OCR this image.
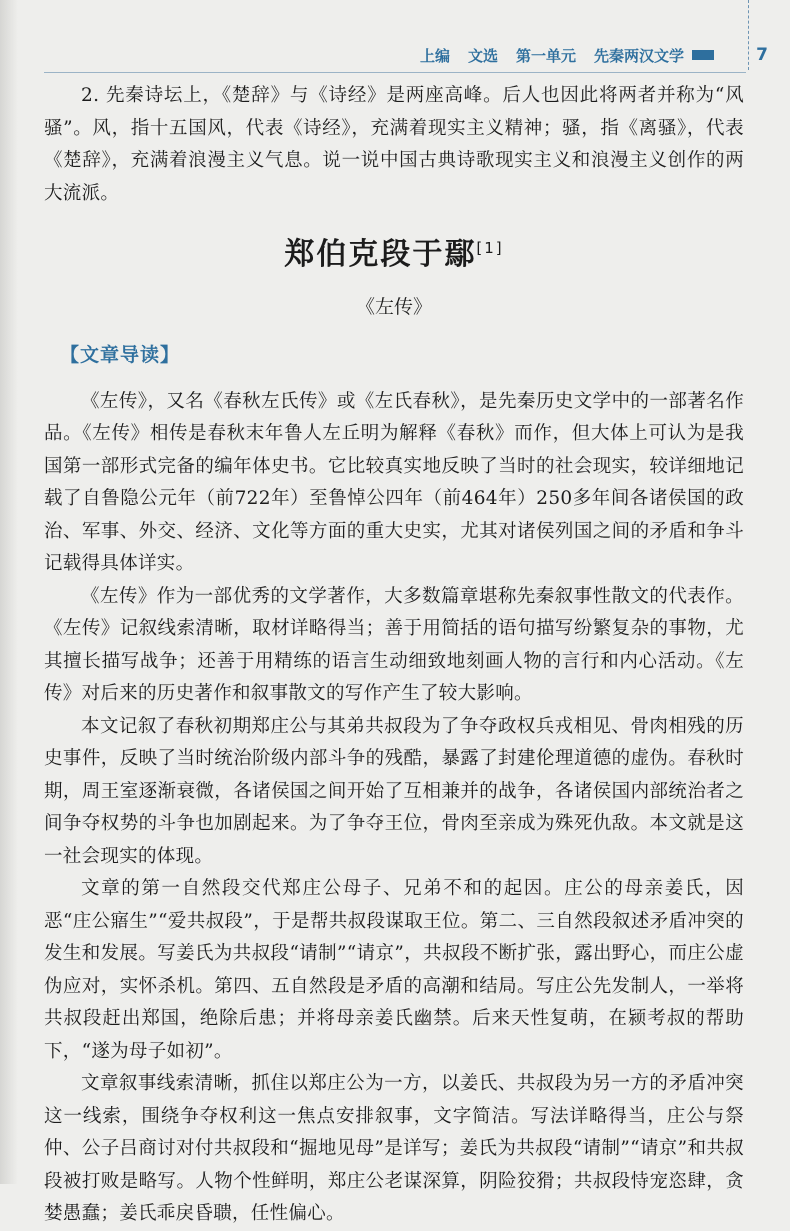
上编 文选 第一单元 先秦两汉文学	7

2. 先秦诗坛上，《楚辞》与《诗经》是两座高峰。后人也因此将两者并称为“风骚”。风，指十五国风，代表《诗经》，充满着现实主义精神；骚，指《离骚》，代表《楚辞》，充满着浪漫主义气息。说一说中国古典诗歌现实主义和浪漫主义创作的两大流派。

郑伯克段于鄢[1]
《左传》
【文章导读】

《左传》，又名《春秋左氏传》或《左氏春秋》，是先秦历史文学中的一部著名作品。《左传》相传是春秋末年鲁人左丘明为解释《春秋》而作，但大体上可认为是我国第一部形式完备的编年体史书。它比较真实地反映了当时的社会现实，较详细地记载了自鲁隐公元年（前722年）至鲁悼公四年（前464年）250多年间各诸侯国的政治、军事、外交、经济、文化等方面的重大史实，尤其对诸侯列国之间的矛盾和争斗记载得具体详实。

《左传》作为一部优秀的文学著作，大多数篇章堪称先秦叙事性散文的代表作。《左传》记叙线索清晰，取材详略得当；善于用简括的语句描写纷繁复杂的事物，尤其擅长描写战争；还善于用精练的语言生动细致地刻画人物的言行和内心活动。《左传》对后来的历史著作和叙事散文的写作产生了较大影响。

本文记叙了春秋初期郑庄公与其弟共叔段为了争夺政权兵戎相见、骨肉相残的历史事件，反映了当时统治阶级内部斗争的残酷，暴露了封建伦理道德的虚伪。春秋时期，周王室逐渐衰微，各诸侯国之间开始了互相兼并的战争，各诸侯国内部统治者之间争夺权势的斗争也加剧起来。为了争夺王位，骨肉至亲成为殊死仇敌。本文就是这一社会现实的体现。

文章的第一自然段交代郑庄公母子、兄弟不和的起因。庄公的母亲姜氏，因恶“庄公寤生”“爱共叔段”，于是帮共叔段谋取王位。第二、三自然段叙述矛盾冲突的发生和发展。写姜氏为共叔段“请制”“请京”，共叔段不断扩张，露出野心，而庄公虚伪应对，实怀杀机。第四、五自然段是矛盾的高潮和结局。写庄公先发制人，一举将共叔段赶出郑国，绝除后患；并将母亲姜氏幽禁。后来天性复萌，在颍考叔的帮助下，“遂为母子如初”。

文章叙事线索清晰，抓住以郑庄公为一方，以姜氏、共叔段为另一方的矛盾冲突这一线索，围绕争夺权利这一焦点安排叙事，文字简洁。写法详略得当，庄公与祭仲、公子吕商讨对付共叔段和“掘地见母”是详写；姜氏为共叔段“请制”“请京”和共叔段被打败是略写。人物个性鲜明，郑庄公老谋深算，阴险狡猾；共叔段恃宠恣肆，贪婪愚蠢；姜氏乖戾昏聩，任性偏心。
